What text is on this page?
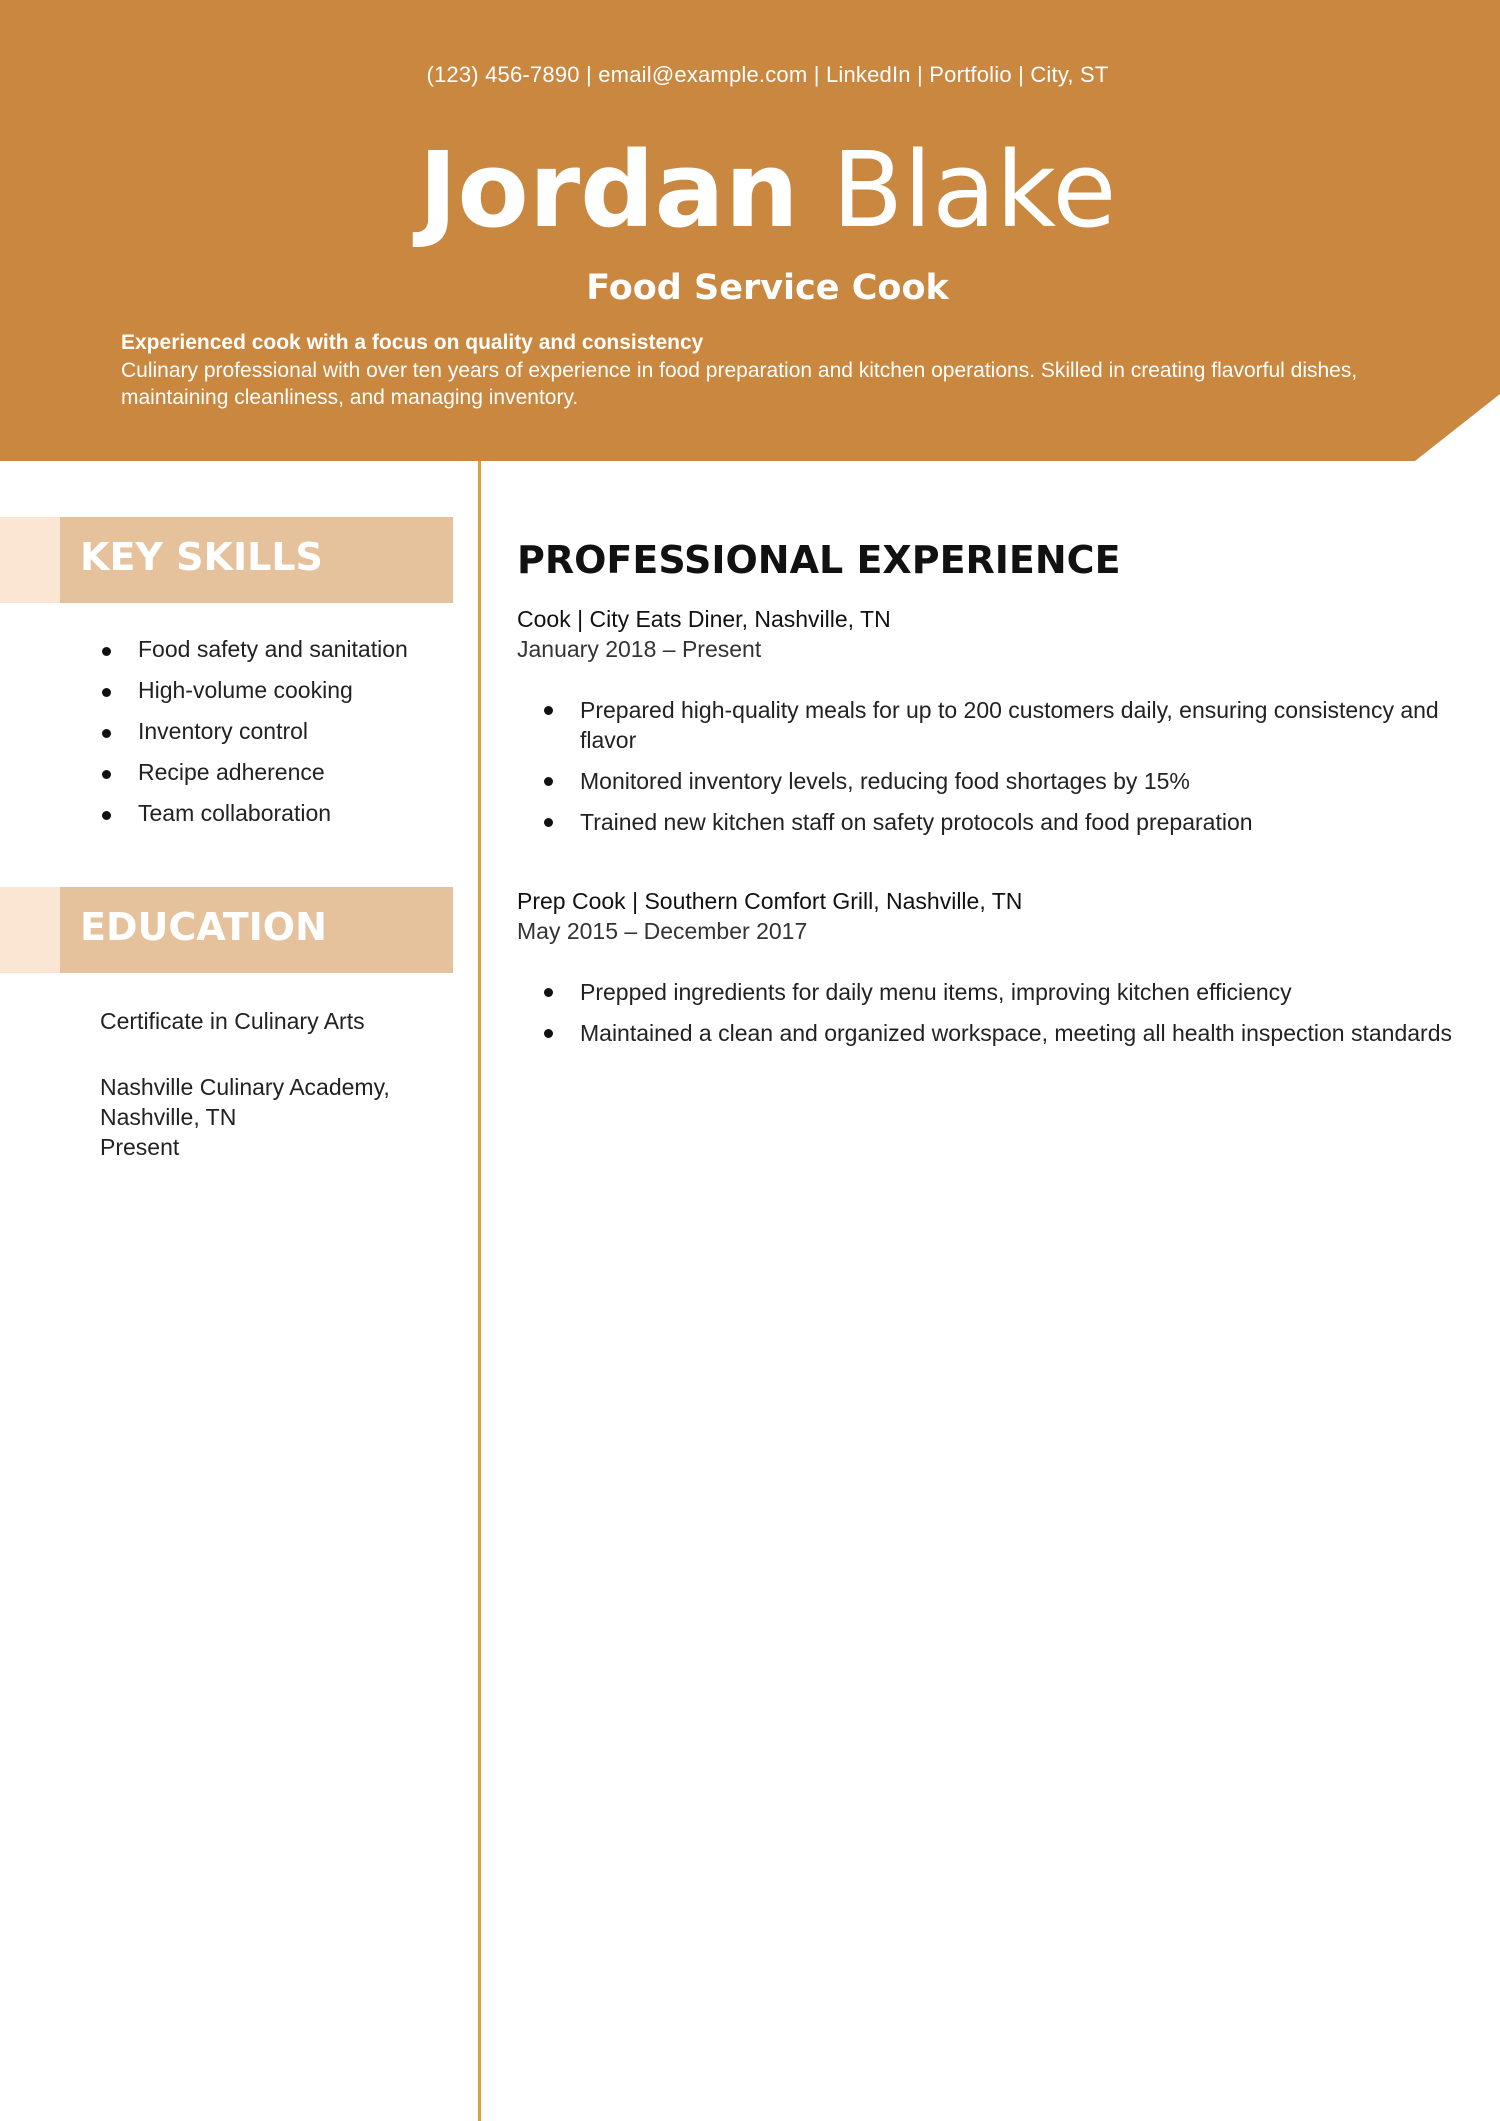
(123) 456-7890 | email@example.com | LinkedIn | Portfolio | City, ST
Jordan Blake
Food Service Cook
Experienced cook with a focus on quality and consistency
Culinary professional with over ten years of experience in food preparation and kitchen operations. Skilled in creating flavorful dishes, maintaining cleanliness, and managing inventory.
KEY SKILLS
Food safety and sanitation
High-volume cooking
Inventory control
Recipe adherence
Team collaboration
EDUCATION
Certificate in Culinary Arts
Nashville Culinary Academy,
Nashville, TN
Present
PROFESSIONAL EXPERIENCE
Cook | City Eats Diner, Nashville, TN
January 2018 – Present
Prepared high-quality meals for up to 200 customers daily, ensuring consistency and flavor
Monitored inventory levels, reducing food shortages by 15%
Trained new kitchen staff on safety protocols and food preparation
Prep Cook | Southern Comfort Grill, Nashville, TN
May 2015 – December 2017
Prepped ingredients for daily menu items, improving kitchen efficiency
Maintained a clean and organized workspace, meeting all health inspection standards
